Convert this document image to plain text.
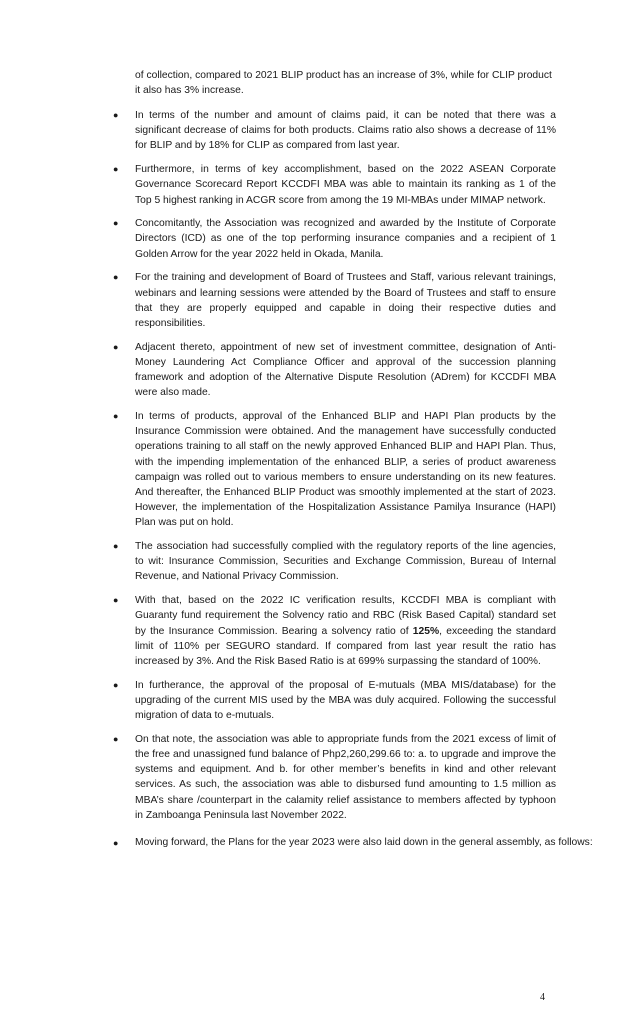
of collection, compared to 2021 BLIP product has an increase of 3%, while for CLIP product it also has 3% increase.

● In terms of the number and amount of claims paid, it can be noted that there was a significant decrease of claims for both products. Claims ratio also shows a decrease of 11% for BLIP and by 18% for CLIP as compared from last year.
● Furthermore, in terms of key accomplishment, based on the 2022 ASEAN Corporate Governance Scorecard Report KCCDFI MBA was able to maintain its ranking as 1 of the Top 5 highest ranking in ACGR score from among the 19 MI-MBAs under MIMAP network.
● Concomitantly, the Association was recognized and awarded by the Institute of Corporate Directors (ICD) as one of the top performing insurance companies and a recipient of 1 Golden Arrow for the year 2022 held in Okada, Manila.
● For the training and development of Board of Trustees and Staff, various relevant trainings, webinars and learning sessions were attended by the Board of Trustees and staff to ensure that they are properly equipped and capable in doing their respective duties and responsibilities.
● Adjacent thereto, appointment of new set of investment committee, designation of Anti-Money Laundering Act Compliance Officer and approval of the succession planning framework and adoption of the Alternative Dispute Resolution (ADrem) for KCCDFI MBA were also made.
● In terms of products, approval of the Enhanced BLIP and HAPI Plan products by the Insurance Commission were obtained. And the management have successfully conducted operations training to all staff on the newly approved Enhanced BLIP and HAPI Plan. Thus, with the impending implementation of the enhanced BLIP, a series of product awareness campaign was rolled out to various members to ensure understanding on its new features. And thereafter, the Enhanced BLIP Product was smoothly implemented at the start of 2023. However, the implementation of the Hospitalization Assistance Pamilya Insurance (HAPI) Plan was put on hold.
● The association had successfully complied with the regulatory reports of the line agencies, to wit: Insurance Commission, Securities and Exchange Commission, Bureau of Internal Revenue, and National Privacy Commission.
● With that, based on the 2022 IC verification results, KCCDFI MBA is compliant with Guaranty fund requirement the Solvency ratio and RBC (Risk Based Capital) standard set by the Insurance Commission. Bearing a solvency ratio of 125%, exceeding the standard limit of 110% per SEGURO standard. If compared from last year result the ratio has increased by 3%. And the Risk Based Ratio is at 699% surpassing the standard of 100%.
● In furtherance, the approval of the proposal of E-mutuals (MBA MIS/database) for the upgrading of the current MIS used by the MBA was duly acquired. Following the successful migration of data to e-mutuals.
● On that note, the association was able to appropriate funds from the 2021 excess of limit of the free and unassigned fund balance of Php2,260,299.66 to: a. to upgrade and improve the systems and equipment. And b. for other member’s benefits in kind and other relevant services. As such, the association was able to disbursed fund amounting to 1.5 million as MBA’s share /counterpart in the calamity relief assistance to members affected by typhoon in Zamboanga Peninsula last November 2022.
● Moving forward, the Plans for the year 2023 were also laid down in the general assembly, as follows:
4
